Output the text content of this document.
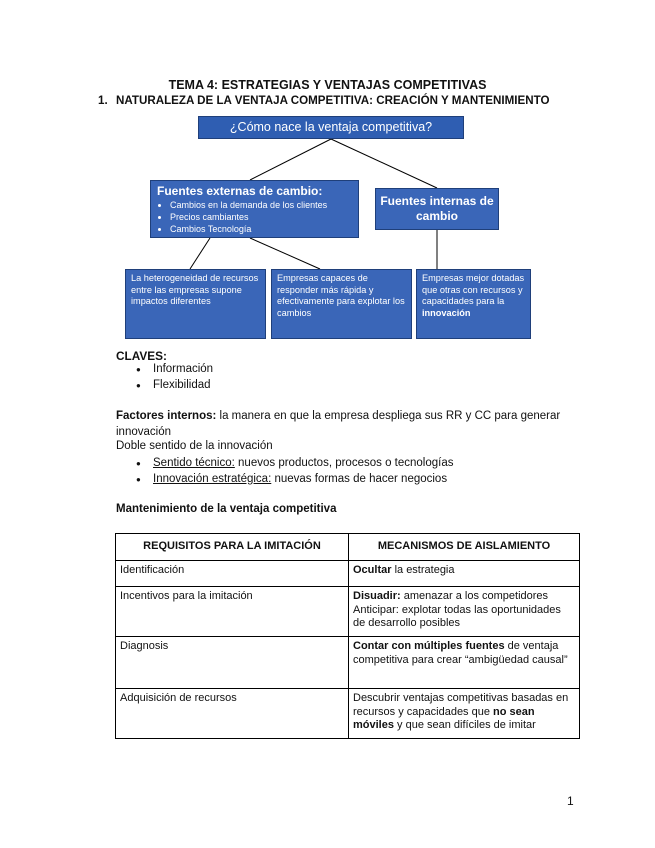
TEMA 4: ESTRATEGIAS Y VENTAJAS COMPETITIVAS
1. NATURALEZA DE LA VENTAJA COMPETITIVA: CREACIÓN Y MANTENIMIENTO
¿Cómo nace la ventaja competitiva?
Fuentes externas de cambio:
• Cambios en la demanda de los clientes
• Precios cambiantes
• Cambios Tecnología
Fuentes internas de cambio
La heterogeneidad de recursos entre las empresas supone impactos diferentes
Empresas capaces de responder más rápida y efectivamente para explotar los cambios
Empresas mejor dotadas que otras con recursos y capacidades para la innovación
CLAVES:
● Información
● Flexibilidad
Factores internos: la manera en que la empresa despliega sus RR y CC para generar innovación
Doble sentido de la innovación
● Sentido técnico: nuevos productos, procesos o tecnologías
● Innovación estratégica: nuevas formas de hacer negocios
Mantenimiento de la ventaja competitiva
REQUISITOS PARA LA IMITACIÓN	MECANISMOS DE AISLAMIENTO
Identificación	Ocultar la estrategia
Incentivos para la imitación	Disuadir: amenazar a los competidores
Anticipar: explotar todas las oportunidades de desarrollo posibles
Diagnosis	Contar con múltiples fuentes de ventaja competitiva para crear “ambigüedad causal”
Adquisición de recursos	Descubrir ventajas competitivas basadas en recursos y capacidades que no sean móviles y que sean difíciles de imitar
1
